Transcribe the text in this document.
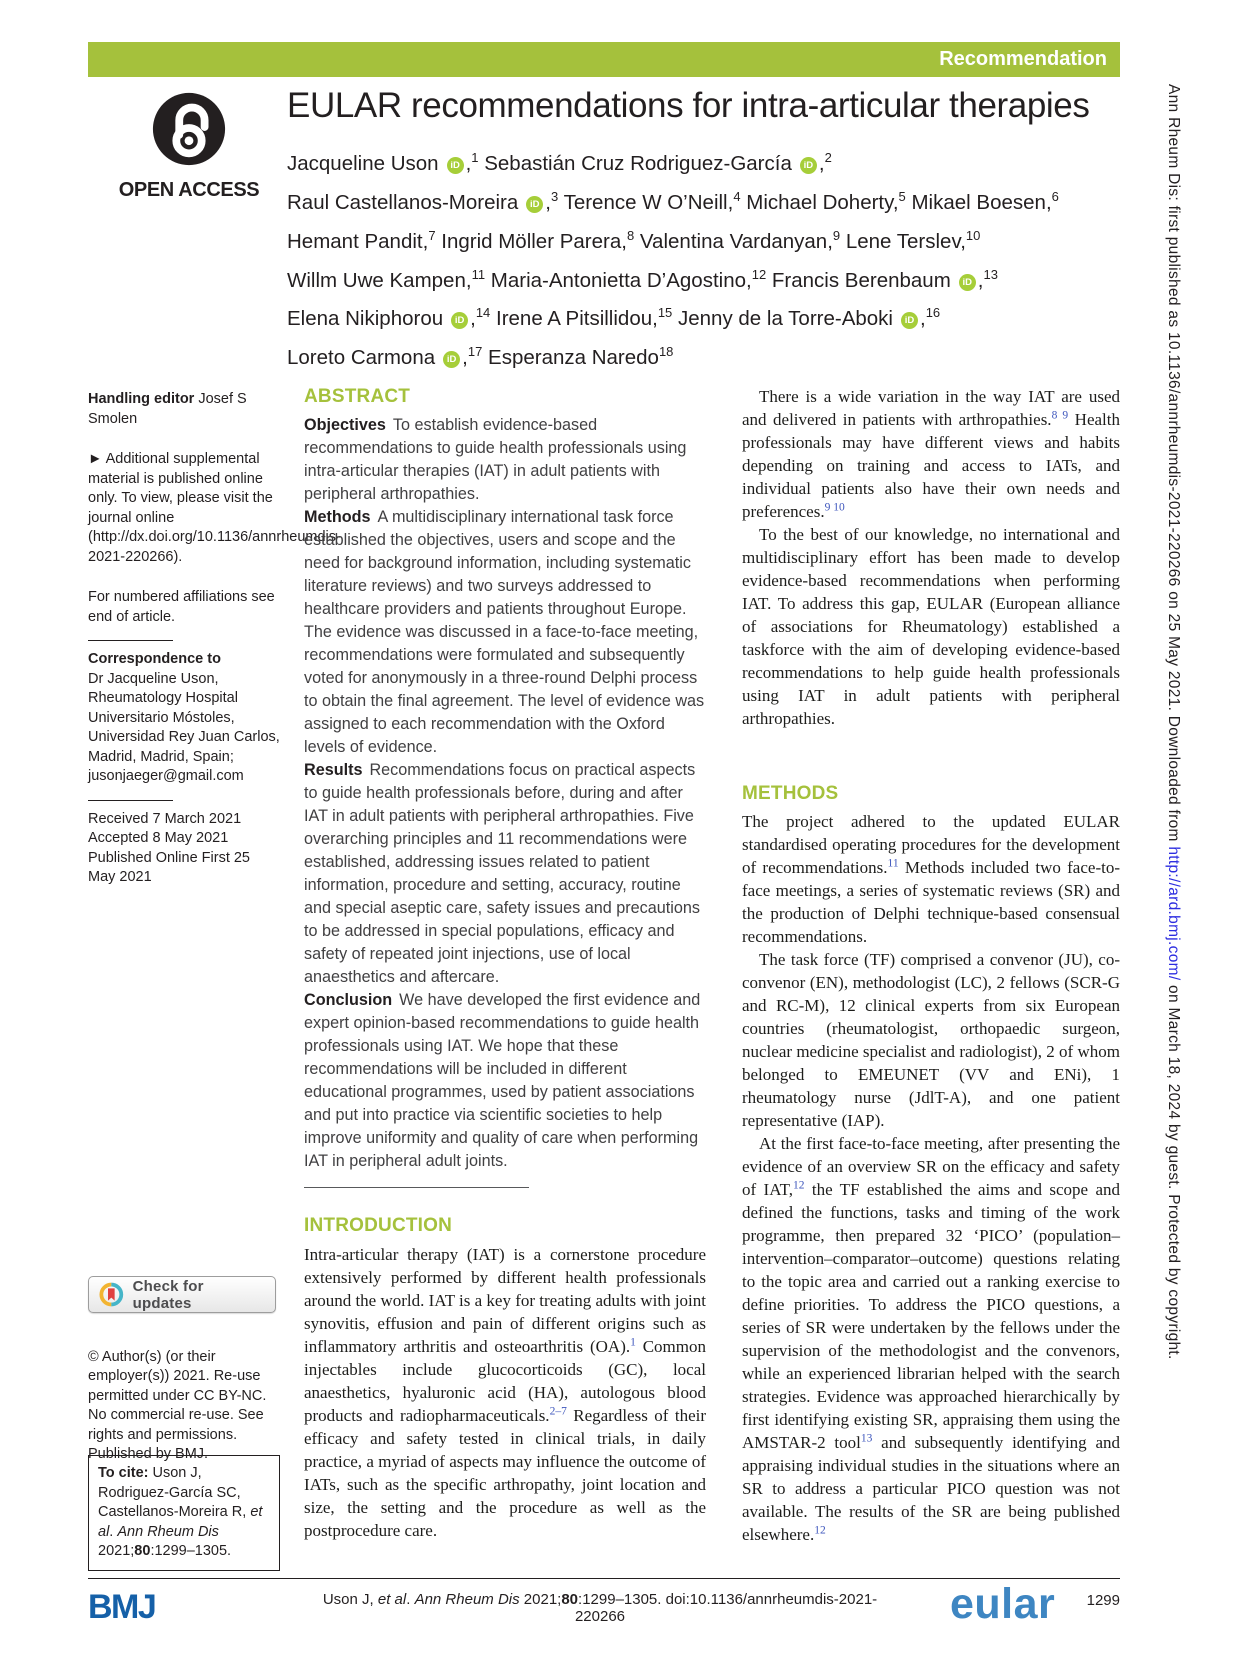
Ann Rheum Dis: first published as 10.1136/annrheumdis-2021-220266 on 25 May 2021. Downloaded from http://ard.bmj.com/ on March 18, 2024 by guest. Protected by copyright.
Recommendation
OPEN ACCESS
EULAR recommendations for intra-articular therapies
Jacqueline Uson iD ,$^1$ Sebastián Cruz Rodriguez-García iD ,$^2$
Raul Castellanos-Moreira iD ,$^3$ Terence W O’Neill,$^4$ Michael Doherty,$^5$ Mikael Boesen,$^6$
Hemant Pandit,$^7$ Ingrid Möller Parera,$^8$ Valentina Vardanyan,$^9$ Lene Terslev,$^{10}$
Willm Uwe Kampen,$^{11}$ Maria-Antonietta D’Agostino,$^{12}$ Francis Berenbaum iD ,$^{13}$
Elena Nikiphorou iD ,$^{14}$ Irene A Pitsillidou,$^{15}$ Jenny de la Torre-Aboki iD ,$^{16}$
Loreto Carmona iD ,$^{17}$ Esperanza Naredo$^{18}$

Handling editor Josef S Smolen

► Additional supplemental material is published online only. To view, please visit the journal online (http://dx.doi.org/10.1136/annrheumdis-2021-220266).

For numbered affiliations see end of article.

Correspondence to

Dr Jacqueline Uson, Rheumatology Hospital Universitario Móstoles, Universidad Rey Juan Carlos, Madrid, Madrid, Spain; jusonjaeger@gmail.com

Received 7 March 2021

Accepted 8 May 2021

Published Online First 25 May 2021

Check for updates

© Author(s) (or their employer(s)) 2021. Re-use permitted under CC BY-NC. No commercial re-use. See rights and permissions. Published by BMJ.

To cite: Uson J, Rodriguez-García SC, Castellanos-Moreira R, et al. Ann Rheum Dis 2021;80:1299–1305.
ABSTRACT

Objectives To establish evidence-based recommendations to guide health professionals using intra-articular therapies (IAT) in adult patients with peripheral arthropathies.

Methods A multidisciplinary international task force established the objectives, users and scope and the need for background information, including systematic literature reviews) and two surveys addressed to healthcare providers and patients throughout Europe. The evidence was discussed in a face-to-face meeting, recommendations were formulated and subsequently voted for anonymously in a three-round Delphi process to obtain the final agreement. The level of evidence was assigned to each recommendation with the Oxford levels of evidence.

Results Recommendations focus on practical aspects to guide health professionals before, during and after IAT in adult patients with peripheral arthropathies. Five overarching principles and 11 recommendations were established, addressing issues related to patient information, procedure and setting, accuracy, routine and special aseptic care, safety issues and precautions to be addressed in special populations, efficacy and safety of repeated joint injections, use of local anaesthetics and aftercare.

Conclusion We have developed the first evidence and expert opinion-based recommendations to guide health professionals using IAT. We hope that these recommendations will be included in different educational programmes, used by patient associations and put into practice via scientific societies to help improve uniformity and quality of care when performing IAT in peripheral adult joints.

INTRODUCTION

Intra-articular therapy (IAT) is a cornerstone procedure extensively performed by different health professionals around the world. IAT is a key for treating adults with joint synovitis, effusion and pain of different origins such as inflammatory arthritis and osteoarthritis (OA).$^1$ Common injectables include glucocorticoids (GC), local anaesthetics, hyaluronic acid (HA), autologous blood products and radiopharmaceuticals.$^{2-7}$ Regardless of their efficacy and safety tested in clinical trials, in daily practice, a myriad of aspects may influence the outcome of IATs, such as the specific arthropathy, joint location and size, the setting and the procedure as well as the postprocedure care.

There is a wide variation in the way IAT are used and delivered in patients with arthropathies.$^{8 9}$ Health professionals may have different views and habits depending on training and access to IATs, and individual patients also have their own needs and preferences.$^{9 10}$

To the best of our knowledge, no international and multidisciplinary effort has been made to develop evidence-based recommendations when performing IAT. To address this gap, EULAR (European alliance of associations for Rheumatology) established a taskforce with the aim of developing evidence-based recommendations to help guide health professionals using IAT in adult patients with peripheral arthropathies.

METHODS

The project adhered to the updated EULAR standardised operating procedures for the development of recommendations.$^{11}$ Methods included two face-to-face meetings, a series of systematic reviews (SR) and the production of Delphi technique-based consensual recommendations.

The task force (TF) comprised a convenor (JU), co-convenor (EN), methodologist (LC), 2 fellows (SCR-G and RC-M), 12 clinical experts from six European countries (rheumatologist, orthopaedic surgeon, nuclear medicine specialist and radiologist), 2 of whom belonged to EMEUNET (VV and ENi), 1 rheumatology nurse (JdlT-A), and one patient representative (IAP).

At the first face-to-face meeting, after presenting the evidence of an overview SR on the efficacy and safety of IAT,$^{12}$ the TF established the aims and scope and defined the functions, tasks and timing of the work programme, then prepared 32 ‘PICO’ (population–intervention–comparator–outcome) questions relating to the topic area and carried out a ranking exercise to define priorities. To address the PICO questions, a series of SR were undertaken by the fellows under the supervision of the methodologist and the convenors, while an experienced librarian helped with the search strategies. Evidence was approached hierarchically by first identifying existing SR, appraising them using the AMSTAR-2 tool$^{13}$ and subsequently identifying and appraising individual studies in the situations where an SR to address a particular PICO question was not available. The results of the SR are being published elsewhere.$^{12}$

BMJ	Uson J, et al. Ann Rheum Dis 2021;80:1299–1305. doi:10.1136/annrheumdis-2021-220266	eular	1299
